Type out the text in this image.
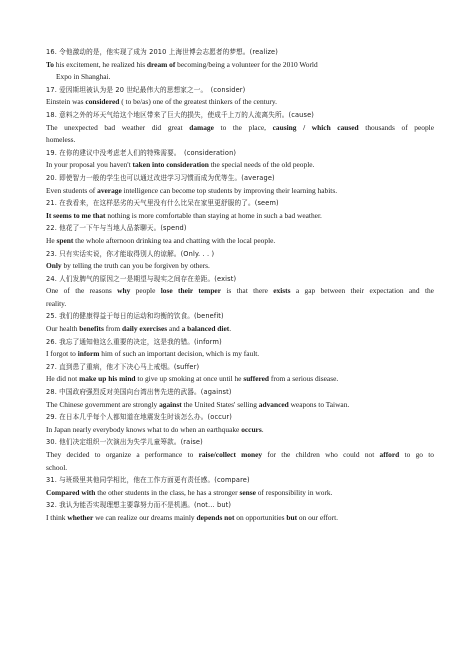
16. 令他激动的是，他实现了成为 2010 上海世博会志愿者的梦想。(realize)
To his excitement, he realized his dream of becoming/being a volunteer for the 2010 World
Expo in Shanghai.
17. 爱因斯坦被认为是 20 世纪最伟大的思想家之一。　(consider)
Einstein was considered ( to be/as) one of the greatest thinkers of the century.
18. 意料之外的坏天气给这个地区带来了巨大的损失，使成千上万的人流离失所。(cause)
The unexpected bad weather did great damage to the place, causing / which caused thousands of people
homeless.
19. 在你的建议中没考虑老人们的特殊需要。　(consideration)
In your proposal you haven't taken into consideration the special needs of the old people.
20. 即使智力一般的学生也可以通过改进学习习惯而成为优等生。(average)
Even students of average intelligence can become top students by improving their learning habits.
21. 在我看来，在这样恶劣的天气里没有什么比呆在家里更舒服的了。(seem)
It seems to me that nothing is more comfortable than staying at home in such a bad weather.
22. 他花了一下午与当地人品茶聊天。(spend)
He spent the whole afternoon drinking tea and chatting with the local people.
23. 只有实话实说，你才能取得别人的谅解。(Only. . . )
Only by telling the truth can you be forgiven by others.
24. 人们发脾气的原因之一是期望与现实之间存在差距。(exist)
One of the reasons why people lose their temper is that there exists a gap between their expectation and the
reality.
25. 我们的健康得益于每日的运动和均衡的饮食。(benefit)
Our health benefits from daily exercises and a balanced diet.
26. 我忘了通知他这么重要的决定，这是我的错。(inform)
I forgot to inform him of such an important decision, which is my fault.
27. 直到患了重病，他才下决心马上戒烟。(suffer)
He did not make up his mind to give up smoking at once until he suffered from a serious disease.
28. 中国政府强烈反对美国向台湾出售先进的武器。(against)
The Chinese government are strongly against the United States' selling advanced weapons to Taiwan.
29. 在日本几乎每个人都知道在地震发生时该怎么办。(occur)
In Japan nearly everybody knows what to do when an earthquake occurs.
30. 他们决定组织一次演出为失学儿童筹款。(raise)
They decided to organize a performance to raise/collect money for the children who could not afford to go to
school.
31. 与班级里其他同学相比，他在工作方面更有责任感。(compare)
Compared with the other students in the class, he has a stronger sense of responsibility in work.
32. 我认为能否实现理想主要靠努力而不是机遇。(not... but)
I think whether we can realize our dreams mainly depends not on opportunities but on our effort.
